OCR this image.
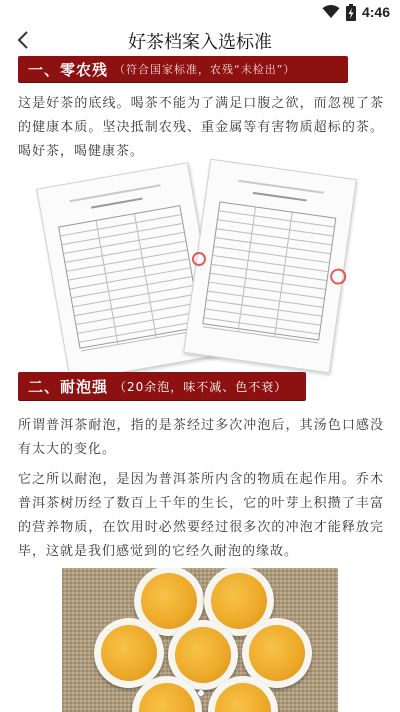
4:46
好茶档案入选标准
一、零农残 （符合国家标准，农残“未检出”）
这是好茶的底线。喝茶不能为了满足口腹之欲，而忽视了茶的健康本质。坚决抵制农残、重金属等有害物质超标的茶。喝好茶，喝健康茶。
二、耐泡强 （20余泡，味不减、色不衰）
所谓普洱茶耐泡，指的是茶经过多次冲泡后，其汤色口感没有太大的变化。
它之所以耐泡，是因为普洱茶所内含的物质在起作用。乔木普洱茶树历经了数百上千年的生长，它的叶芽上积攒了丰富的营养物质，在饮用时必然要经过很多次的冲泡才能释放完毕，这就是我们感觉到的它经久耐泡的缘故。
